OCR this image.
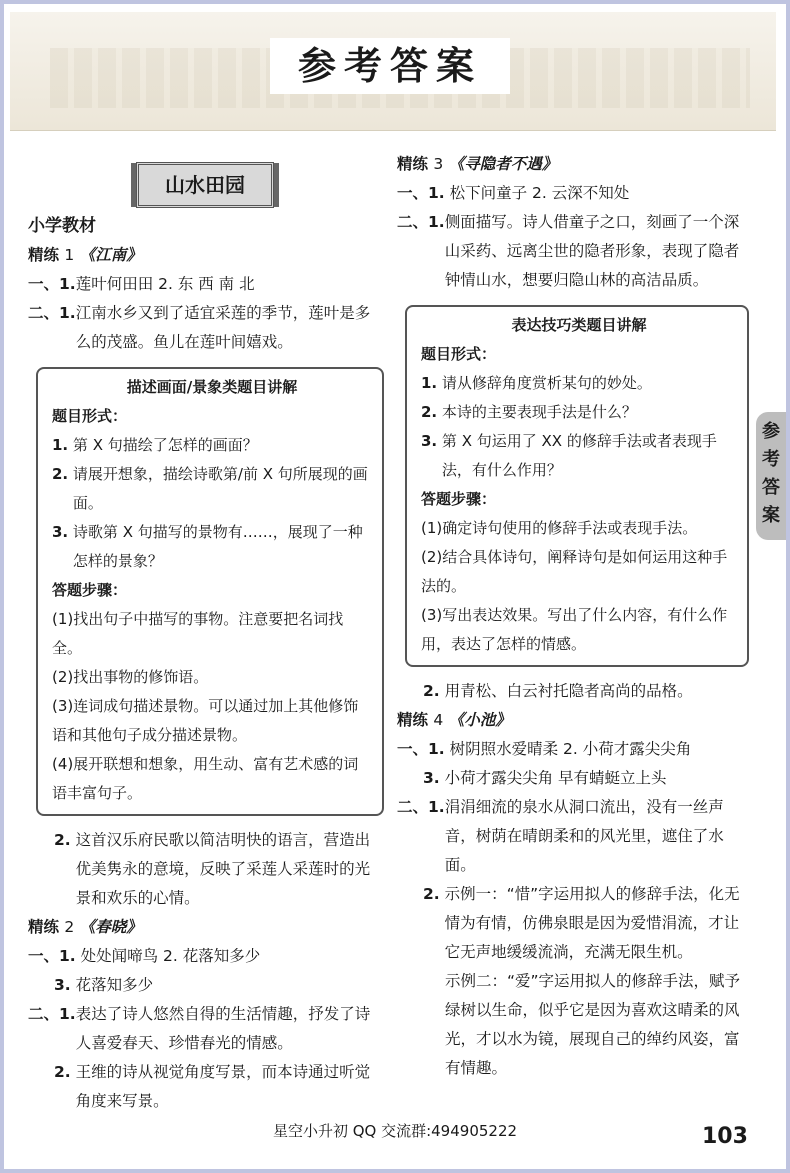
参考答案
参
考
答
案
山水田园
小学教材
精练 1 《江南》
一、1. 莲叶何田田 2. 东 西 南 北
二、1. 江南水乡又到了适宜采莲的季节，莲叶是多么的茂盛。鱼儿在莲叶间嬉戏。
描述画面/景象类题目讲解
题目形式：
1.
第 X 句描绘了怎样的画面？
2.
请展开想象，描绘诗歌第/前 X 句所展现的画面。
3.
诗歌第 X 句描写的景物有……，展现了一种怎样的景象？
答题步骤：
(1)找出句子中描写的事物。注意要把名词找全。
(2)找出事物的修饰语。
(3)连词成句描述景物。可以通过加上其他修饰语和其他句子成分描述景物。
(4)展开联想和想象，用生动、富有艺术感的词语丰富句子。
2.
这首汉乐府民歌以简洁明快的语言，营造出优美隽永的意境，反映了采莲人采莲时的光景和欢乐的心情。
精练 2 《春晓》
一、1.
处处闻啼鸟 2. 花落知多少
3.
花落知多少
二、1. 表达了诗人悠然自得的生活情趣，抒发了诗人喜爱春天、珍惜春光的情感。
2.
王维的诗从视觉角度写景，而本诗通过听觉角度来写景。
精练 3 《寻隐者不遇》
一、1.
松下问童子 2. 云深不知处
二、1. 侧面描写。诗人借童子之口，刻画了一个深山采药、远离尘世的隐者形象，表现了隐者钟情山水，想要归隐山林的高洁品质。
表达技巧类题目讲解
题目形式：
1.
请从修辞角度赏析某句的妙处。
2.
本诗的主要表现手法是什么？
3.
第 X 句运用了 XX 的修辞手法或者表现手法，有什么作用？
答题步骤：
(1)确定诗句使用的修辞手法或表现手法。
(2)结合具体诗句，阐释诗句是如何运用这种手法的。
(3)写出表达效果。写出了什么内容，有什么作用，表达了怎样的情感。
2.
用青松、白云衬托隐者高尚的品格。
精练 4 《小池》
一、1.
树阴照水爱晴柔 2. 小荷才露尖尖角
3.
小荷才露尖尖角 早有蜻蜓立上头
二、1. 涓涓细流的泉水从洞口流出，没有一丝声音，树荫在晴朗柔和的风光里，遮住了水面。
2.
示例一：“惜”字运用拟人的修辞手法，化无情为有情，仿佛泉眼是因为爱惜涓流，才让它无声地缓缓流淌，充满无限生机。
示例二：“爱”字运用拟人的修辞手法，赋予绿树以生命，似乎它是因为喜欢这晴柔的风光，才以水为镜，展现自己的绰约风姿，富有情趣。
星空小升初 QQ 交流群:494905222	103
